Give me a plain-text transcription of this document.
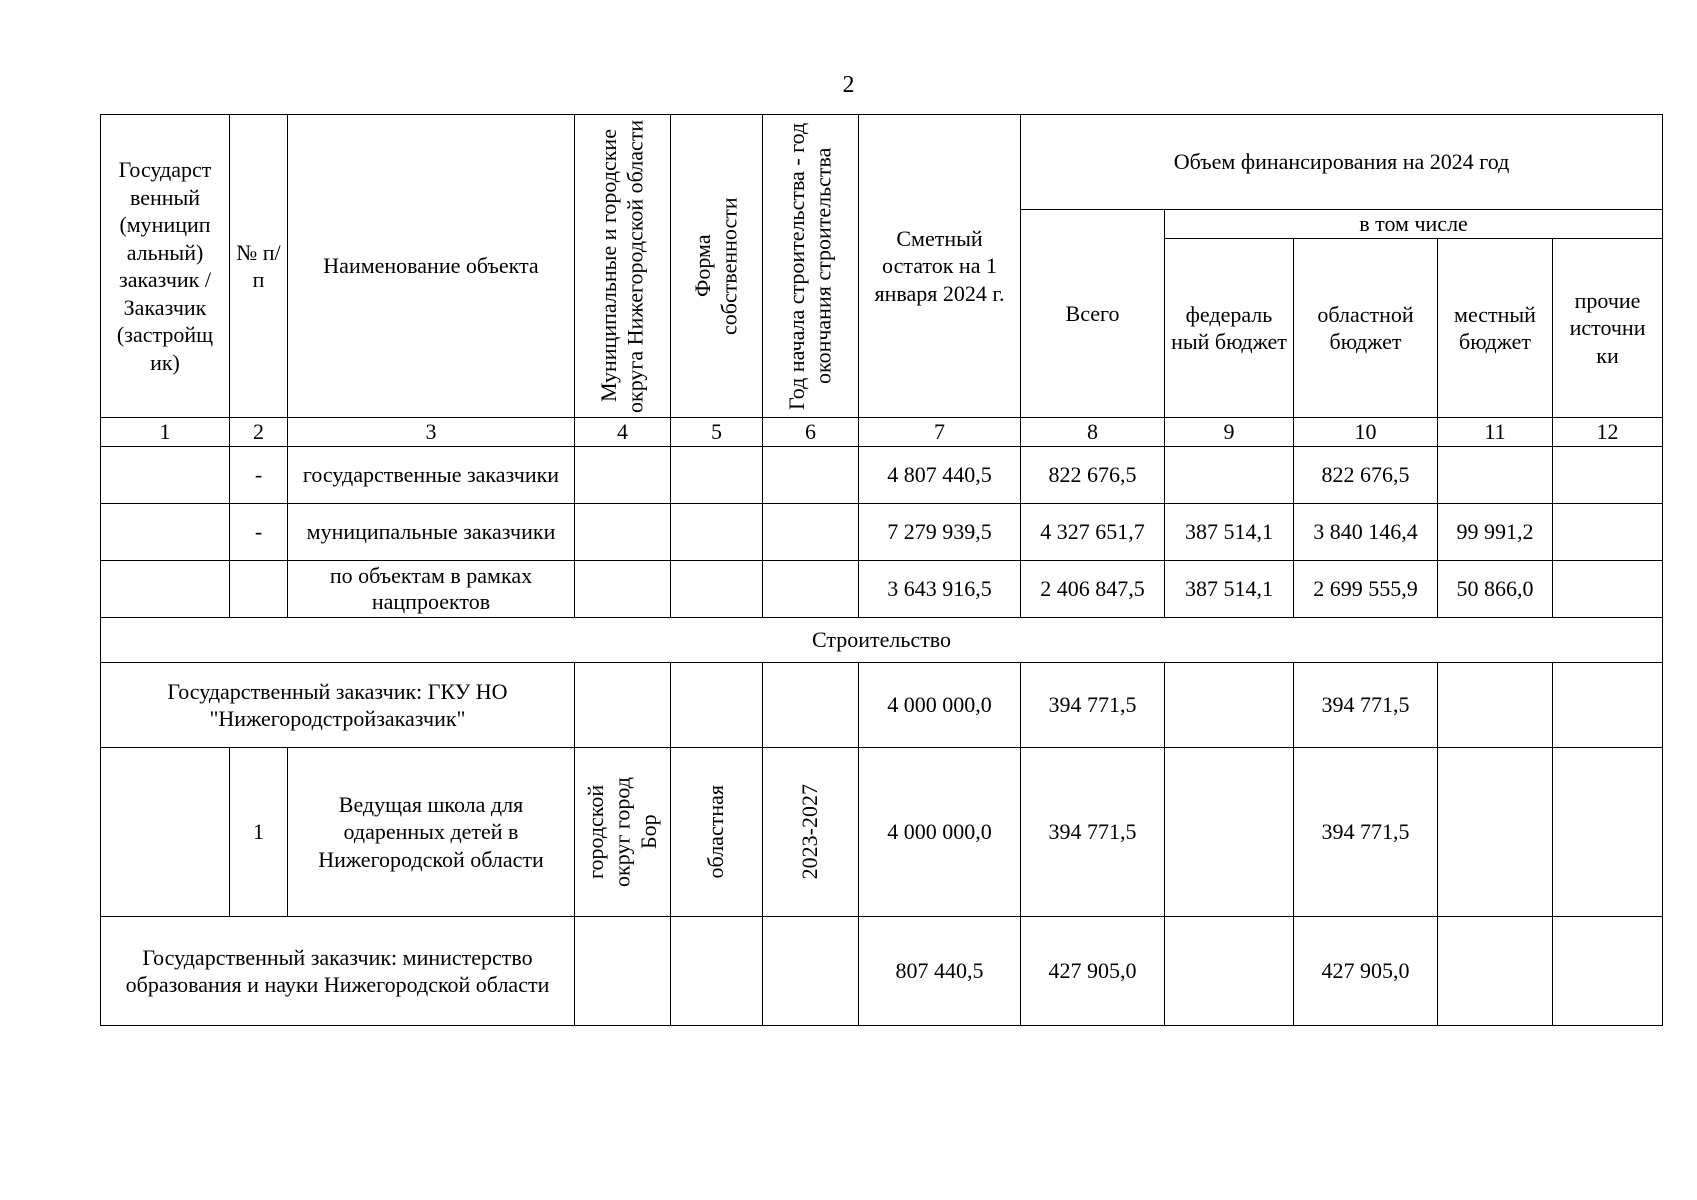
2
Государст венный (муницип альный) заказчик / Заказчик (застройщ ик)	№ п/п	Наименование объекта	Муниципальные и городские округа Нижегородской области	Форма собственности	Год начала строительства - год окончания строительства	Сметный остаток на 1 января 2024 г.	Объем финансирования на 2024 год				
							Всего	в том числе			
								федераль ный бюджет	областной бюджет	местный бюджет	прочие источни ки
1	2	3	4	5	6	7	8	9	10	11	12
	-	государственные заказчики				4 807 440,5	822 676,5		822 676,5		
	-	муниципальные заказчики				7 279 939,5	4 327 651,7	387 514,1	3 840 146,4	99 991,2	
		по объектам в рамках нацпроектов				3 643 916,5	2 406 847,5	387 514,1	2 699 555,9	50 866,0	
Строительство											
Государственный заказчик: ГКУ НО "Нижегородстройзаказчик"						4 000 000,0	394 771,5		394 771,5		
	1	Ведущая школа для одаренных детей в Нижегородской области	городской округ город Бор	областная	2023-2027	4 000 000,0	394 771,5		394 771,5		
Государственный заказчик: министерство образования и науки Нижегородской области						807 440,5	427 905,0		427 905,0		
